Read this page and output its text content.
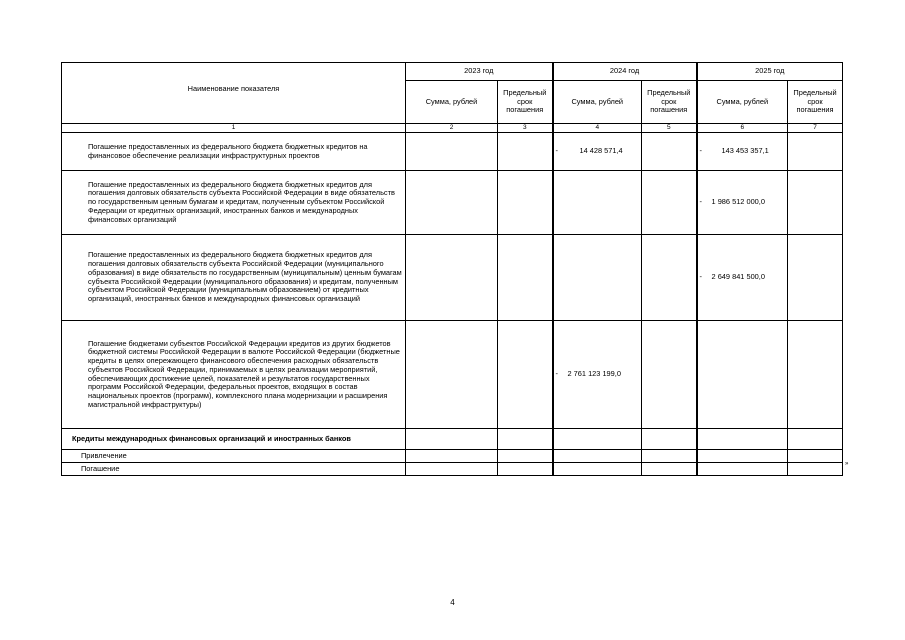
Наименование показателя	2023 год		2024 год		2025 год	
	Сумма, рублей	Предельный срок погашения	Сумма, рублей	Предельный срок погашения	Сумма, рублей	Предельный срок погашения
1	2	3	4	5	6	7
Погашение предоставленных из федерального бюджета бюджетных кредитов на финансовое обеспечение реализации инфраструктурных проектов			- 14 428 571,4		- 143 453 357,1	
Погашение предоставленных из федерального бюджета бюджетных кредитов для погашения долговых обязательств субъекта Российской Федерации в виде обязательств по государственным ценным бумагам и кредитам, полученным субъектом Российской Федерации от кредитных организаций, иностранных банков и международных финансовых организаций					- 1 986 512 000,0	
Погашение предоставленных из федерального бюджета бюджетных кредитов для погашения долговых обязательств субъекта Российской Федерации (муниципального образования) в виде обязательств по государственным (муниципальным) ценным бумагам субъекта Российской Федерации (муниципального образования) и кредитам, полученным субъектом Российской Федерации (муниципальным образованием) от кредитных организаций, иностранных банков и международных финансовых организаций					- 2 649 841 500,0	
Погашение бюджетами субъектов Российской Федерации кредитов из других бюджетов бюджетной системы Российской Федерации в валюте Российской Федерации (бюджетные кредиты в целях опережающего финансового обеспечения расходных обязательств субъектов Российской Федерации, принимаемых в целях реализации мероприятий, обеспечивающих достижение целей, показателей и результатов государственных программ Российской Федерации, федеральных проектов, входящих в состав национальных проектов (программ), комплексного плана модернизации и расширения магистральной инфраструктуры)			- 2 761 123 199,0			
Кредиты международных финансовых организаций и иностранных банков						
Привлечение						
Погашение							»
4
